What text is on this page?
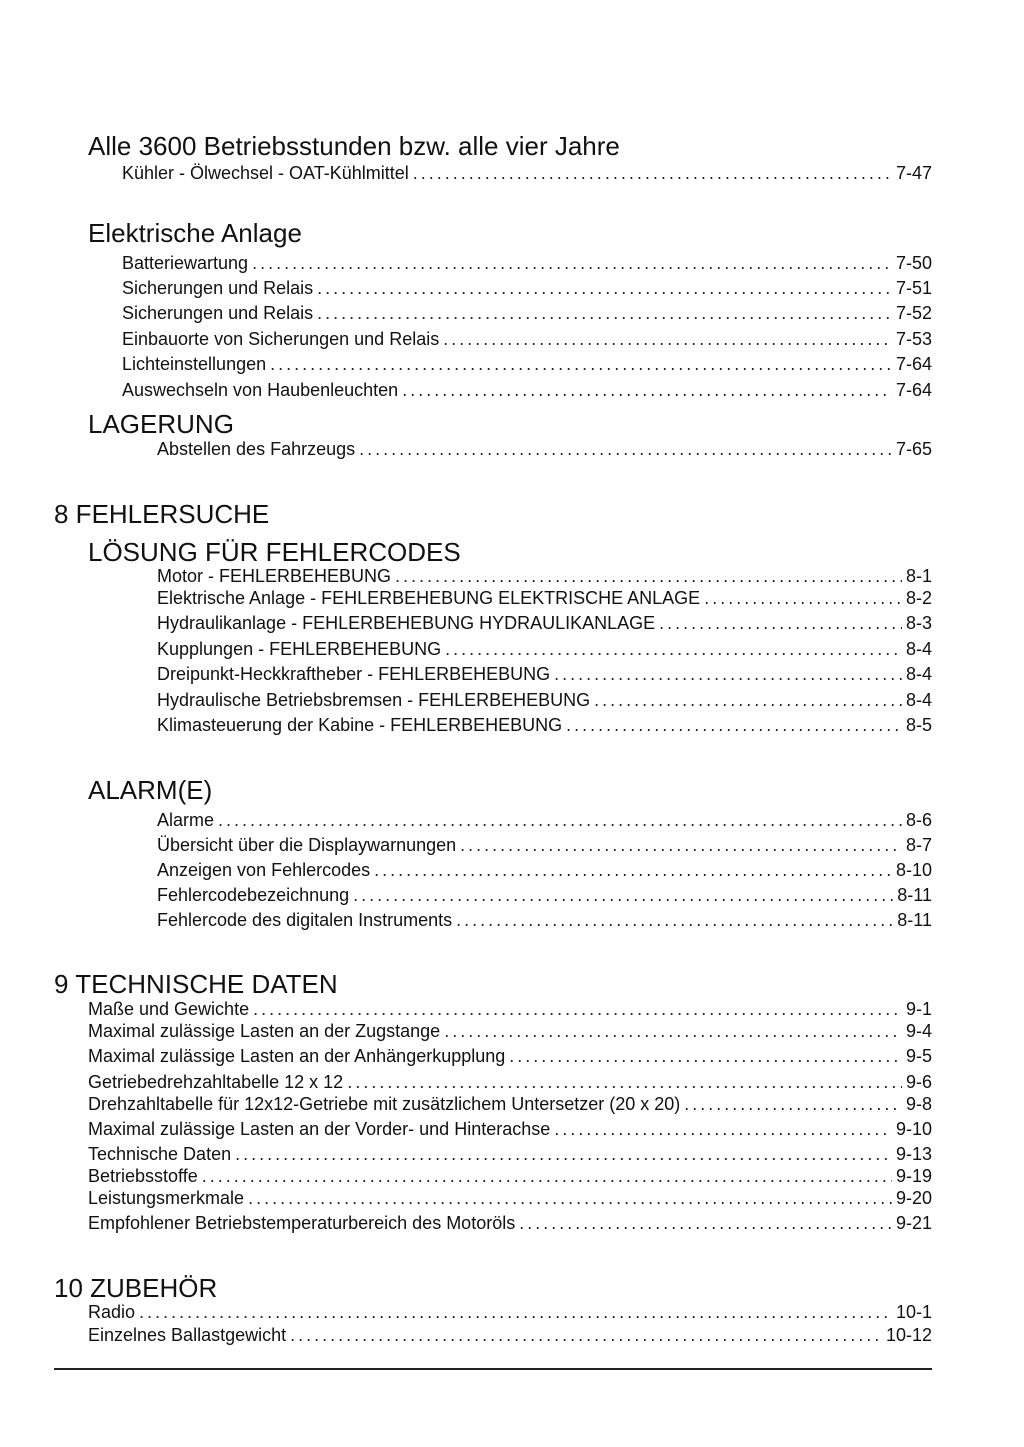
Alle 3600 Betriebsstunden bzw. alle vier Jahre
Kühler - Ölwechsel - OAT-Kühlmittel . . .	7-47
Elektrische Anlage
Batteriewartung . . .	7-50
Sicherungen und Relais . . .	7-51
Sicherungen und Relais . . .	7-52
Einbauorte von Sicherungen und Relais . . .	7-53
Lichteinstellungen . . .	7-64
Auswechseln von Haubenleuchten . . .	7-64
LAGERUNG
Abstellen des Fahrzeugs . . .	7-65
8 FEHLERSUCHE
LÖSUNG FÜR FEHLERCODES
Motor - FEHLERBEHEBUNG . . .	8-1
Elektrische Anlage - FEHLERBEHEBUNG ELEKTRISCHE ANLAGE . . .	8-2
Hydraulikanlage - FEHLERBEHEBUNG HYDRAULIKANLAGE . . .	8-3
Kupplungen - FEHLERBEHEBUNG . . .	8-4
Dreipunkt-Heckkraftheber - FEHLERBEHEBUNG . . .	8-4
Hydraulische Betriebsbremsen - FEHLERBEHEBUNG . . .	8-4
Klimasteuerung der Kabine - FEHLERBEHEBUNG . . .	8-5
ALARM(E)
Alarme . . .	8-6
Übersicht über die Displaywarnungen . . .	8-7
Anzeigen von Fehlercodes . . .	8-10
Fehlercodebezeichnung . . .	8-11
Fehlercode des digitalen Instruments . . .	8-11
9 TECHNISCHE DATEN
Maße und Gewichte . . .	9-1
Maximal zulässige Lasten an der Zugstange . . .	9-4
Maximal zulässige Lasten an der Anhängerkupplung . . .	9-5
Getriebedrehzahltabelle 12 x 12 . . .	9-6
Drehzahltabelle für 12x12-Getriebe mit zusätzlichem Untersetzer (20 x 20) . . .	9-8
Maximal zulässige Lasten an der Vorder- und Hinterachse . . .	9-10
Technische Daten . . .	9-13
Betriebsstoffe . . .	9-19
Leistungsmerkmale . . .	9-20
Empfohlener Betriebstemperaturbereich des Motoröls . . .	9-21
10 ZUBEHÖR
Radio . . .	10-1
Einzelnes Ballastgewicht . . .	10-12
